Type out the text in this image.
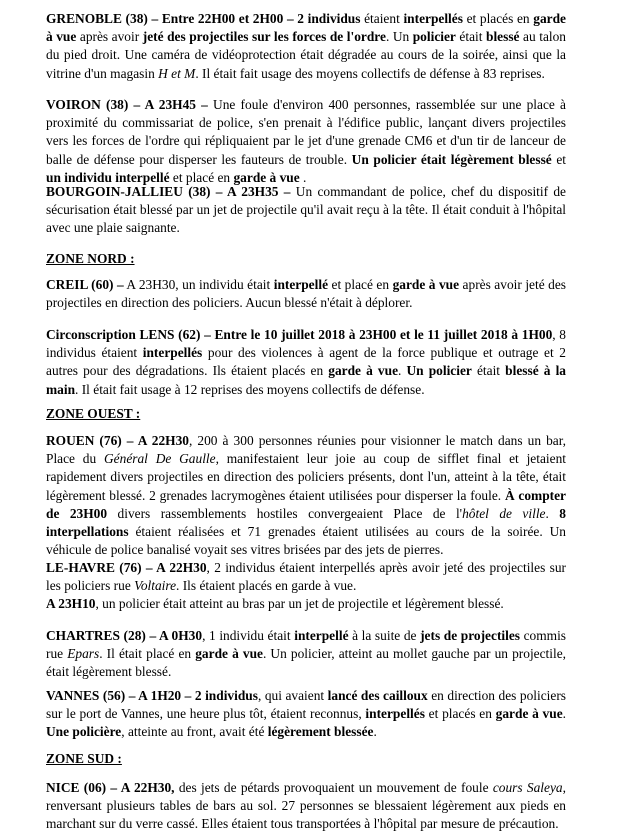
GRENOBLE (38) – Entre 22H00 et 2H00 – 2 individus étaient interpellés et placés en garde à vue après avoir jeté des projectiles sur les forces de l'ordre. Un policier était blessé au talon du pied droit. Une caméra de vidéoprotection était dégradée au cours de la soirée, ainsi que la vitrine d'un magasin H et M. Il était fait usage des moyens collectifs de défense à 83 reprises.

VOIRON (38) – A 23H45 – Une foule d'environ 400 personnes, rassemblée sur une place à proximité du commissariat de police, s'en prenait à l'édifice public, lançant divers projectiles vers les forces de l'ordre qui répliquaient par le jet d'une grenade CM6 et d'un tir de lanceur de balle de défense pour disperser les fauteurs de trouble. Un policier était légèrement blessé et un individu interpellé et placé en garde à vue .

BOURGOIN-JALLIEU (38) – A 23H35 – Un commandant de police, chef du dispositif de sécurisation était blessé par un jet de projectile qu'il avait reçu à la tête. Il était conduit à l'hôpital avec une plaie saignante.

ZONE NORD :

CREIL (60) – A 23H30, un individu était interpellé et placé en garde à vue après avoir jeté des projectiles en direction des policiers. Aucun blessé n'était à déplorer.

Circonscription LENS (62) – Entre le 10 juillet 2018 à 23H00 et le 11 juillet 2018 à 1H00, 8 individus étaient interpellés pour des violences à agent de la force publique et outrage et 2 autres pour des dégradations. Ils étaient placés en garde à vue. Un policier était blessé à la main. Il était fait usage à 12 reprises des moyens collectifs de défense.

ZONE OUEST :

ROUEN (76) – A 22H30, 200 à 300 personnes réunies pour visionner le match dans un bar, Place du Général De Gaulle, manifestaient leur joie au coup de sifflet final et jetaient rapidement divers projectiles en direction des policiers présents, dont l'un, atteint à la tête, était légèrement blessé. 2 grenades lacrymogènes étaient utilisées pour disperser la foule. À compter de 23H00 divers rassemblements hostiles convergeaient Place de l'hôtel de ville. 8 interpellations étaient réalisées et 71 grenades étaient utilisées au cours de la soirée. Un véhicule de police banalisé voyait ses vitres brisées par des jets de pierres.

LE-HAVRE (76) – A 22H30, 2 individus étaient interpellés après avoir jeté des projectiles sur les policiers rue Voltaire. Ils étaient placés en garde à vue.

A 23H10, un policier était atteint au bras par un jet de projectile et légèrement blessé.

CHARTRES (28) – A 0H30, 1 individu était interpellé à la suite de jets de projectiles commis rue Epars. Il était placé en garde à vue. Un policier, atteint au mollet gauche par un projectile, était légèrement blessé.

VANNES (56) – A 1H20 – 2 individus, qui avaient lancé des cailloux en direction des policiers sur le port de Vannes, une heure plus tôt, étaient reconnus, interpellés et placés en garde à vue. Une policière, atteinte au front, avait été légèrement blessée.

ZONE SUD :

NICE (06) – A 22H30, des jets de pétards provoquaient un mouvement de foule cours Saleya, renversant plusieurs tables de bars au sol. 27 personnes se blessaient légèrement aux pieds en marchant sur du verre cassé. Elles étaient tous transportées à l'hôpital par mesure de précaution.
